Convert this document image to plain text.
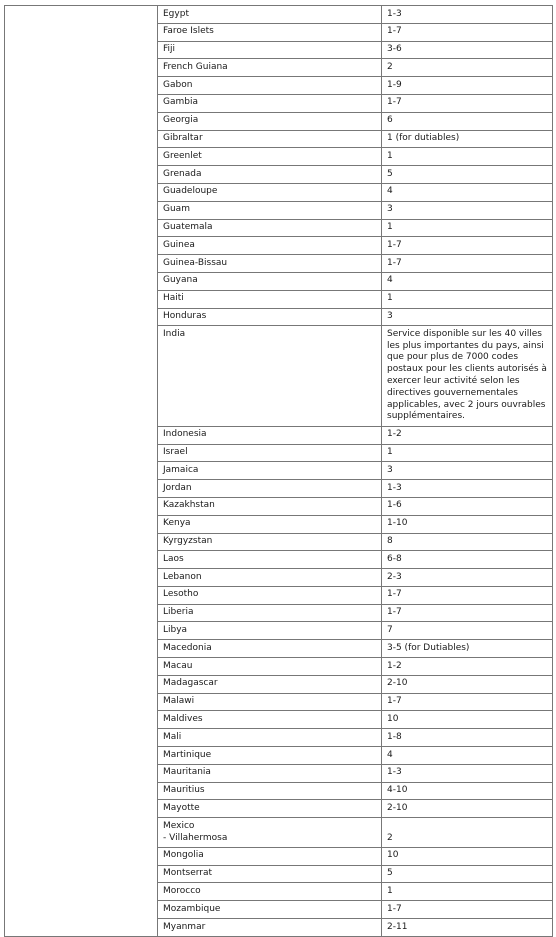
	Egypt	1-3

	Faroe Islets	1-7

	Fiji	3-6

	French Guiana	2

	Gabon	1-9

	Gambia	1-7

	Georgia	6

	Gibraltar	1 (for dutiables)

	Greenlet	1

	Grenada	5

	Guadeloupe	4

	Guam	3

	Guatemala	1

	Guinea	1-7

	Guinea-Bissau	1-7

	Guyana	4

	Haiti	1

	Honduras	3

	India	Service disponible sur les 40 villes les plus importantes du pays, ainsi que pour plus de 7000 codes postaux pour les clients autorisés à exercer leur activité selon les directives gouvernementales applicables, avec 2 jours ouvrables supplémentaires.

	Indonesia	1-2

	Israel	1

	Jamaica	3

	Jordan	1-3

	Kazakhstan	1-6

	Kenya	1-10

	Kyrgyzstan	8

	Laos	6-8

	Lebanon	2-3

	Lesotho	1-7

	Liberia	1-7

	Libya	7

	Macedonia	3-5 (for Dutiables)

	Macau	1-2

	Madagascar	2-10

	Malawi	1-7

	Maldives	10

	Mali	1-8

	Martinique	4

	Mauritania	1-3

	Mauritius	4-10

	Mayotte	2-10

	Mexico
- Villahermosa	2

	Mongolia	10

	Montserrat	5

	Morocco	1

	Mozambique	1-7

	Myanmar	2-11
